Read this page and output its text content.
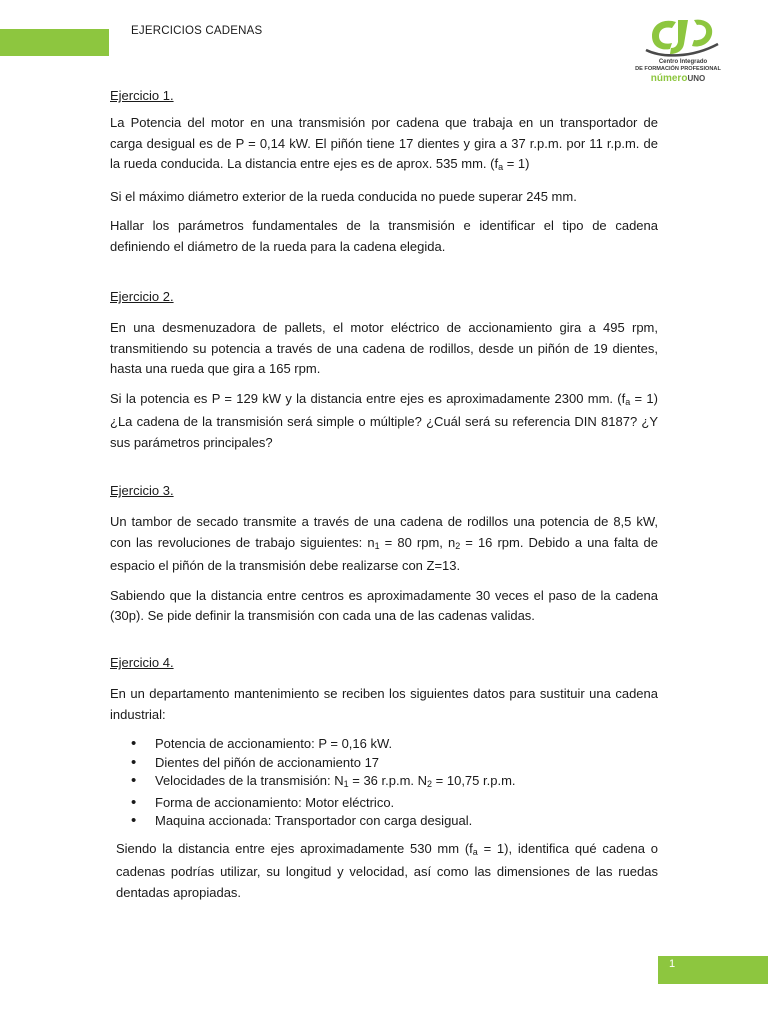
EJERCICIOS CADENAS
Centro Integrado
DE FORMACIÓN PROFESIONAL
númeroUNO

Ejercicio 1.

La Potencia del motor en una transmisión por cadena que trabaja en un transportador de carga desigual es de P = 0,14 kW. El piñón tiene 17 dientes y gira a 37 r.p.m. por 11 r.p.m. de la rueda conducida. La distancia entre ejes es de aprox. 535 mm. $(f_a = 1)$

Si el máximo diámetro exterior de la rueda conducida no puede superar 245 mm.

Hallar los parámetros fundamentales de la transmisión e identificar el tipo de cadena definiendo el diámetro de la rueda para la cadena elegida.

Ejercicio 2.

En una desmenuzadora de pallets, el motor eléctrico de accionamiento gira a 495 rpm, transmitiendo su potencia a través de una cadena de rodillos, desde un piñón de 19 dientes, hasta una rueda que gira a 165 rpm.

Si la potencia es P = 129 kW y la distancia entre ejes es aproximadamente 2300 mm. $(f_a = 1)$ ¿La cadena de la transmisión será simple o múltiple? ¿Cuál será su referencia DIN 8187? ¿Y sus parámetros principales?

Ejercicio 3.

Un tambor de secado transmite a través de una cadena de rodillos una potencia de 8,5 kW, con las revoluciones de trabajo siguientes: $n_1 = 80$ rpm, $n_2 = 16$ rpm. Debido a una falta de espacio el piñón de la transmisión debe realizarse con Z=13.

Sabiendo que la distancia entre centros es aproximadamente 30 veces el paso de la cadena (30p). Se pide definir la transmisión con cada una de las cadenas validas.

Ejercicio 4.

En un departamento mantenimiento se reciben los siguientes datos para sustituir una cadena industrial:

• Potencia de accionamiento: P = 0,16 kW.
• Dientes del piñón de accionamiento 17
• Velocidades de la transmisión: $N_1 = 36$ r.p.m. $N_2 = 10,75$ r.p.m.
• Forma de accionamiento: Motor eléctrico.
• Maquina accionada: Transportador con carga desigual.

Siendo la distancia entre ejes aproximadamente 530 mm $(f_a = 1)$, identifica qué cadena o cadenas podrías utilizar, su longitud y velocidad, así como las dimensiones de las ruedas dentadas apropiadas.

1
